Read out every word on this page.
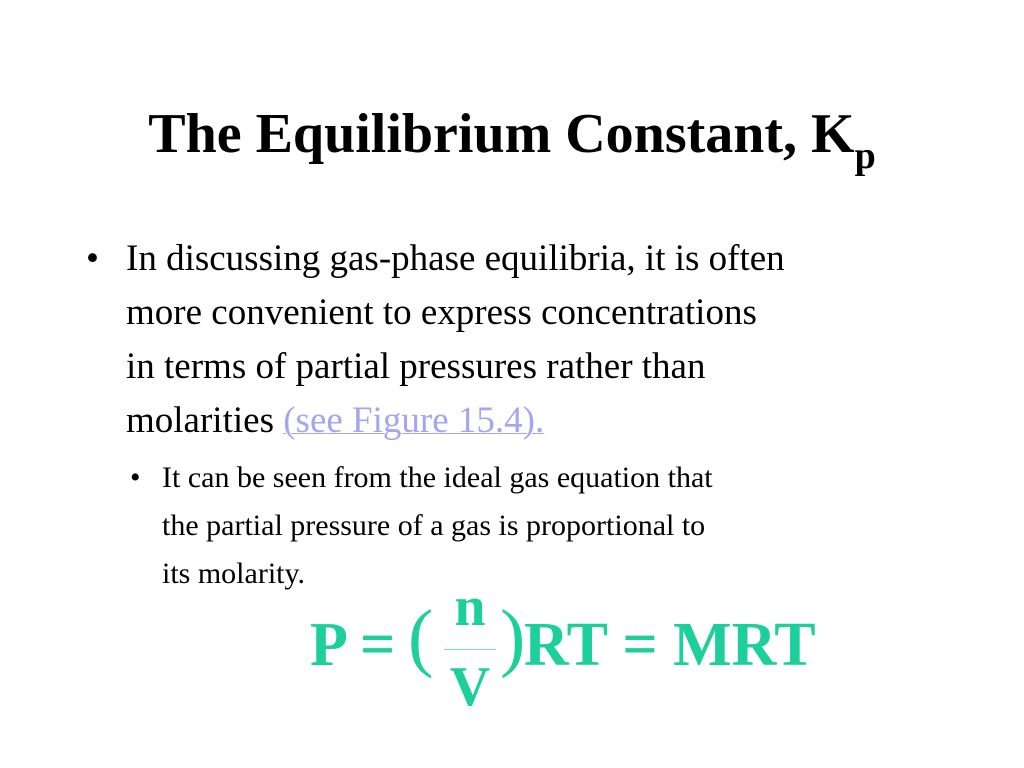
The Equilibrium Constant, $K_p$
• In discussing gas-phase equilibria, it is often
more convenient to express concentrations
in terms of partial pressures rather than
molarities (see Figure 15.4).
• It can be seen from the ideal gas equation that
the partial pressure of a gas is proportional to
its molarity.
P = ( n
V
)
RT = MRT
